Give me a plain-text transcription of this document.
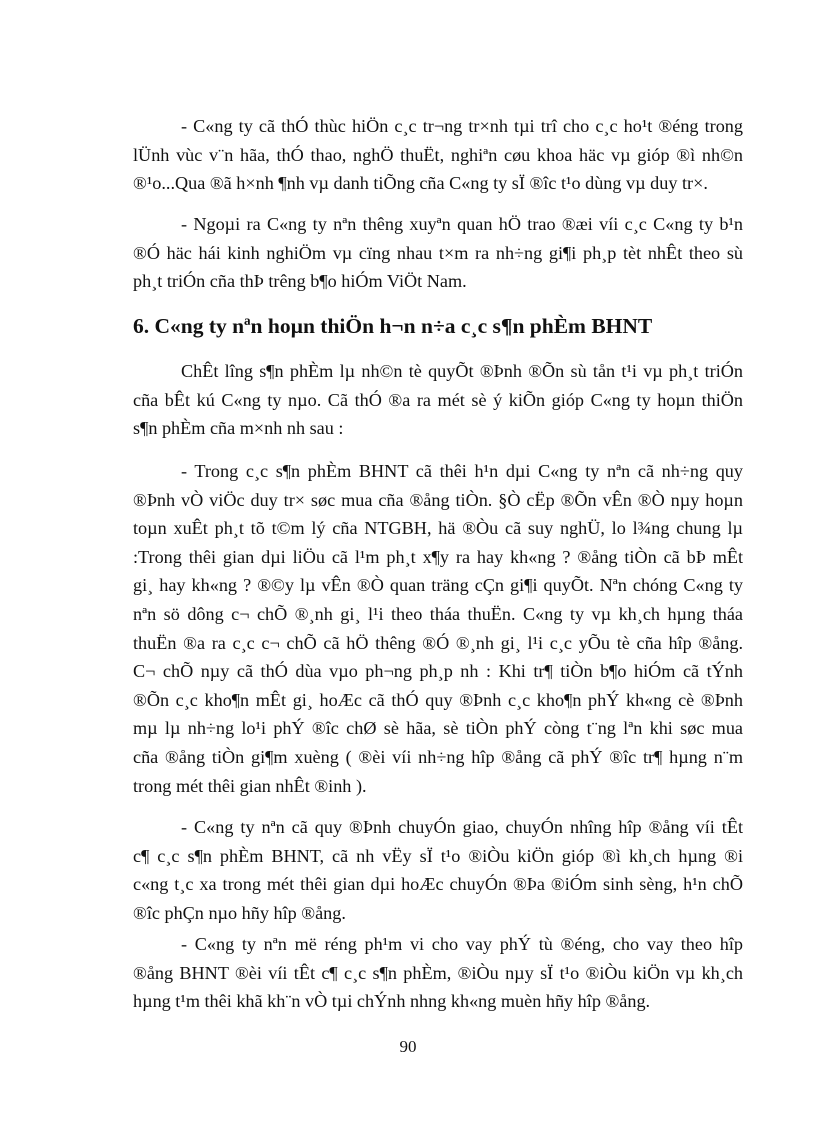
- C«ng ty cã thÓ thùc hiÖn c¸c tr¬ng tr×nh tµi trî cho c¸c ho¹t ®éng trong
lÜnh vùc v¨n hãa, thÓ thao, nghÖ thuËt, nghiªn cøu khoa häc vµ gióp ®ì nh©n
®¹o...Qua ®ã h×nh ¶nh vµ danh tiÕng cña C«ng ty sÏ ®îc t¹o dùng vµ duy tr×.
- Ngoµi ra C«ng ty nªn thêng xuyªn quan hÖ trao ®æi víi c¸c C«ng ty b¹n
®Ó häc hái kinh nghiÖm vµ cïng nhau t×m ra nh÷ng gi¶i ph¸p tèt nhÊt theo sù
ph¸t triÓn cña thÞ trêng b¶o hiÓm ViÖt Nam.
6. C«ng ty nªn hoµn thiÖn h¬n n÷a c¸c s¶n phÈm BHNT
ChÊt lîng s¶n phÈm lµ nh©n tè quyÕt ®Þnh ®Õn sù tån t¹i vµ ph¸t triÓn
cña bÊt kú C«ng ty nµo. Cã thÓ ®a ra mét sè ý kiÕn gióp C«ng ty hoµn thiÖn
s¶n phÈm cña m×nh nh sau :
- Trong c¸c s¶n phÈm BHNT cã thêi h¹n dµi C«ng ty nªn cã nh÷ng quy
®Þnh vÒ viÖc duy tr× søc mua cña ®ång tiÒn. §Ò cËp ®Õn vÊn ®Ò nµy hoµn
toµn xuÊt ph¸t tõ t©m lý cña NTGBH, hä ®Òu cã suy nghÜ, lo l¾ng chung lµ
:Trong thêi gian dµi liÖu cã l¹m ph¸t x¶y ra hay kh«ng ? ®ång tiÒn cã bÞ mÊt
gi¸ hay kh«ng ? ®©y lµ vÊn ®Ò quan träng cÇn gi¶i quyÕt. Nªn chóng C«ng ty
nªn sö dông c¬ chÕ ®¸nh gi¸ l¹i theo tháa thuËn. C«ng ty vµ kh¸ch hµng tháa
thuËn ®a ra c¸c c¬ chÕ cã hÖ thêng ®Ó ®¸nh gi¸ l¹i c¸c yÕu tè cña hîp ®ång.
C¬ chÕ nµy cã thÓ dùa vµo ph¬ng ph¸p nh : Khi tr¶ tiÒn b¶o hiÓm cã tÝnh
®Õn c¸c kho¶n mÊt gi¸ hoÆc cã thÓ quy ®Þnh c¸c kho¶n phÝ kh«ng cè ®Þnh
mµ lµ nh÷ng lo¹i phÝ ®îc chØ sè hãa, sè tiÒn phÝ còng t¨ng lªn khi søc mua
cña ®ång tiÒn gi¶m xuèng ( ®èi víi nh÷ng hîp ®ång cã phÝ ®îc tr¶ hµng n¨m
trong mét thêi gian nhÊt ®inh ).
- C«ng ty nªn cã quy ®Þnh chuyÓn giao, chuyÓn nhîng hîp ®ång víi tÊt
c¶ c¸c s¶n phÈm BHNT, cã nh vËy sÏ t¹o ®iÒu kiÖn gióp ®ì kh¸ch hµng ®i
c«ng t¸c xa trong mét thêi gian dµi hoÆc chuyÓn ®Þa ®iÓm sinh sèng, h¹n chÕ
®îc phÇn nµo hñy hîp ®ång.
- C«ng ty nªn më réng ph¹m vi cho vay phÝ tù ®éng, cho vay theo hîp
®ång BHNT ®èi víi tÊt c¶ c¸c s¶n phÈm, ®iÒu nµy sÏ t¹o ®iÒu kiÖn vµ kh¸ch
hµng t¹m thêi khã kh¨n vÒ tµi chÝnh nhng kh«ng muèn hñy hîp ®ång.
90
